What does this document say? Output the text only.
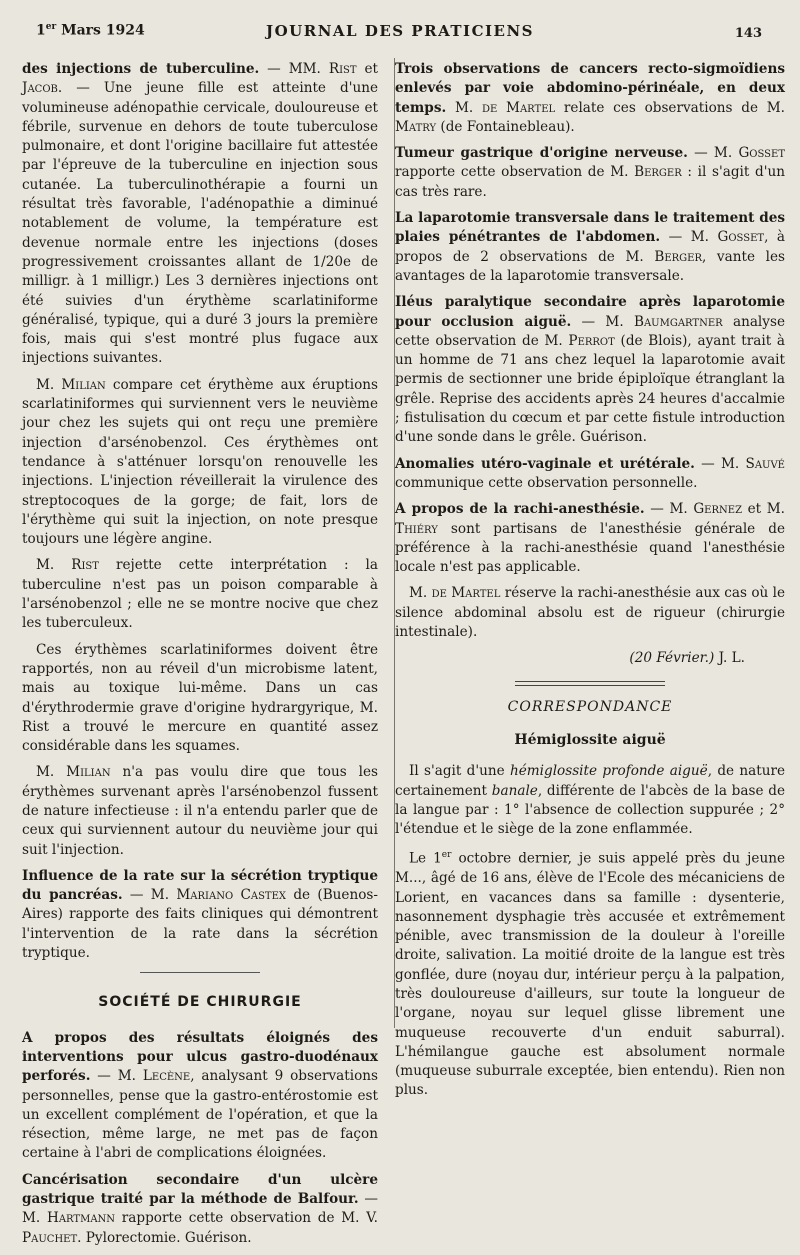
1er Mars 1924	JOURNAL DES PRATICIENS	143

des injections de tuberculine. — MM. Rist et Jacob. — Une jeune fille est atteinte d'une volumineuse adénopathie cervicale, douloureuse et fébrile, survenue en dehors de toute tuberculose pulmonaire, et dont l'origine bacillaire fut attestée par l'épreuve de la tuberculine en injection sous cutanée. La tuberculinothérapie a fourni un résultat très favorable, l'adénopathie a diminué notablement de volume, la température est devenue normale entre les injections (doses progressivement croissantes allant de 1/20e de milligr. à 1 milligr.) Les 3 dernières injections ont été suivies d'un érythème scarlatiniforme généralisé, typique, qui a duré 3 jours la première fois, mais qui s'est montré plus fugace aux injections suivantes.

M. Milian compare cet érythème aux éruptions scarlatiniformes qui surviennent vers le neuvième jour chez les sujets qui ont reçu une première injection d'arsénobenzol. Ces érythèmes ont tendance à s'atténuer lorsqu'on renouvelle les injections. L'injection réveillerait la virulence des streptocoques de la gorge; de fait, lors de l'érythème qui suit la injection, on note presque toujours une légère angine.

M. Rist rejette cette interprétation : la tuberculine n'est pas un poison comparable à l'arsénobenzol ; elle ne se montre nocive que chez les tuberculeux.

Ces érythèmes scarlatiniformes doivent être rapportés, non au réveil d'un microbisme latent, mais au toxique lui-même. Dans un cas d'érythrodermie grave d'origine hydrargyrique, M. Rist a trouvé le mercure en quantité assez considérable dans les squames.

M. Milian n'a pas voulu dire que tous les érythèmes survenant après l'arsénobenzol fussent de nature infectieuse : il n'a entendu parler que de ceux qui surviennent autour du neuvième jour qui suit l'injection.

Influence de la rate sur la sécrétion tryptique du pancréas. — M. Mariano Castex de (Buenos-Aires) rapporte des faits cliniques qui démontrent l'intervention de la rate dans la sécrétion tryptique.

SOCIÉTÉ DE CHIRURGIE

A propos des résultats éloignés des interventions pour ulcus gastro-duodénaux perforés. — M. Lecène, analysant 9 observations personnelles, pense que la gastro-entérostomie est un excellent complément de l'opération, et que la résection, même large, ne met pas de façon certaine à l'abri de complications éloignées.

Cancérisation secondaire d'un ulcère gastrique traité par la méthode de Balfour. — M. Hartmann rapporte cette observation de M. V. Pauchet. Pylorectomie. Guérison.

Trois observations de cancers recto-sigmoïdiens enlevés par voie abdomino-périnéale, en deux temps. M. de Martel relate ces observations de M. Matry (de Fontainebleau).

Tumeur gastrique d'origine nerveuse. — M. Gosset rapporte cette observation de M. Berger : il s'agit d'un cas très rare.

La laparotomie transversale dans le traitement des plaies pénétrantes de l'abdomen. — M. Gosset, à propos de 2 observations de M. Berger, vante les avantages de la laparotomie transversale.

Iléus paralytique secondaire après laparotomie pour occlusion aiguë. — M. Baumgartner analyse cette observation de M. Perrot (de Blois), ayant trait à un homme de 71 ans chez lequel la laparotomie avait permis de sectionner une bride épiploïque étranglant la grêle. Reprise des accidents après 24 heures d'accalmie ; fistulisation du cœcum et par cette fistule introduction d'une sonde dans le grêle. Guérison.

Anomalies utéro-vaginale et urétérale. — M. Sauvé communique cette observation personnelle.

A propos de la rachi-anesthésie. — M. Gernez et M. Thiéry sont partisans de l'anesthésie générale de préférence à la rachi-anesthésie quand l'anesthésie locale n'est pas applicable.

M. de Martel réserve la rachi-anesthésie aux cas où le silence abdominal absolu est de rigueur (chirurgie intestinale).

(20 Février.) J. L.
CORRESPONDANCE
Hémiglossite aiguë

Il s'agit d'une hémiglossite profonde aiguë, de nature certainement banale, différente de l'abcès de la base de la langue par : 1° l'absence de collection suppurée ; 2° l'étendue et le siège de la zone enflammée.

Le 1er octobre dernier, je suis appelé près du jeune M..., âgé de 16 ans, élève de l'Ecole des mécaniciens de Lorient, en vacances dans sa famille : dysenterie, nasonnement dysphagie très accusée et extrêmement pénible, avec transmission de la douleur à l'oreille droite, salivation. La moitié droite de la langue est très gonflée, dure (noyau dur, intérieur perçu à la palpation, très douloureuse d'ailleurs, sur toute la longueur de l'organe, noyau sur lequel glisse librement une muqueuse recouverte d'un enduit saburral). L'hémilangue gauche est absolument normale (muqueuse suburrale exceptée, bien entendu). Rien non plus.
